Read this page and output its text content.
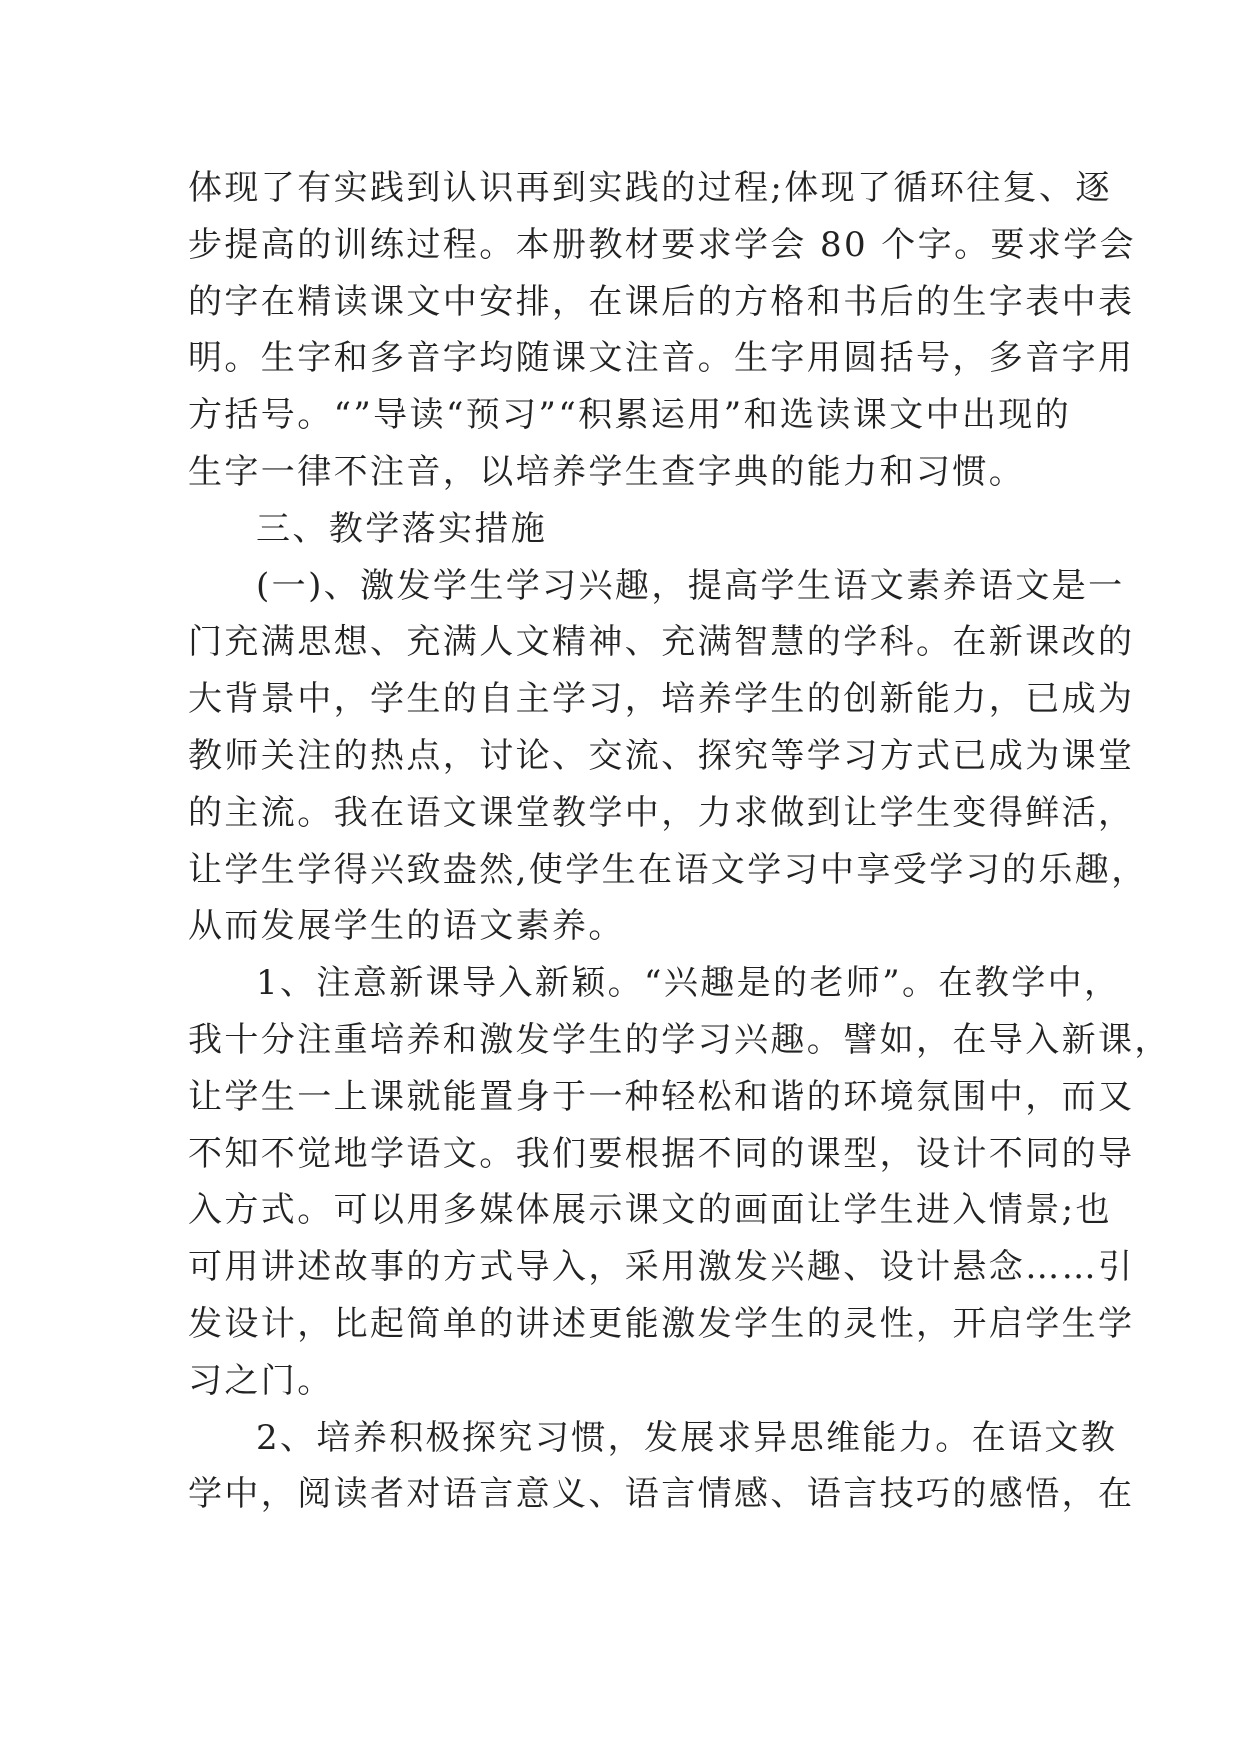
体现了有实践到认识再到实践的过程;体现了循环往复、逐
步提高的训练过程。本册教材要求学会 80 个字。要求学会
的字在精读课文中安排，在课后的方格和书后的生字表中表
明。生字和多音字均随课文注音。生字用圆括号，多音字用
方括号。“”导读“预习”“积累运用”和选读课文中出现的
生字一律不注音，以培养学生查字典的能力和习惯。
三、教学落实措施
(一)、激发学生学习兴趣，提高学生语文素养语文是一
门充满思想、充满人文精神、充满智慧的学科。在新课改的
大背景中，学生的自主学习，培养学生的创新能力，已成为
教师关注的热点，讨论、交流、探究等学习方式已成为课堂
的主流。我在语文课堂教学中，力求做到让学生变得鲜活，
让学生学得兴致盎然,使学生在语文学习中享受学习的乐趣，
从而发展学生的语文素养。
1、注意新课导入新颖。“兴趣是的老师”。在教学中，
我十分注重培养和激发学生的学习兴趣。譬如，在导入新课，
让学生一上课就能置身于一种轻松和谐的环境氛围中，而又
不知不觉地学语文。我们要根据不同的课型，设计不同的导
入方式。可以用多媒体展示课文的画面让学生进入情景;也
可用讲述故事的方式导入，采用激发兴趣、设计悬念……引
发设计，比起简单的讲述更能激发学生的灵性，开启学生学
习之门。
2、培养积极探究习惯，发展求异思维能力。在语文教
学中，阅读者对语言意义、语言情感、语言技巧的感悟，在
